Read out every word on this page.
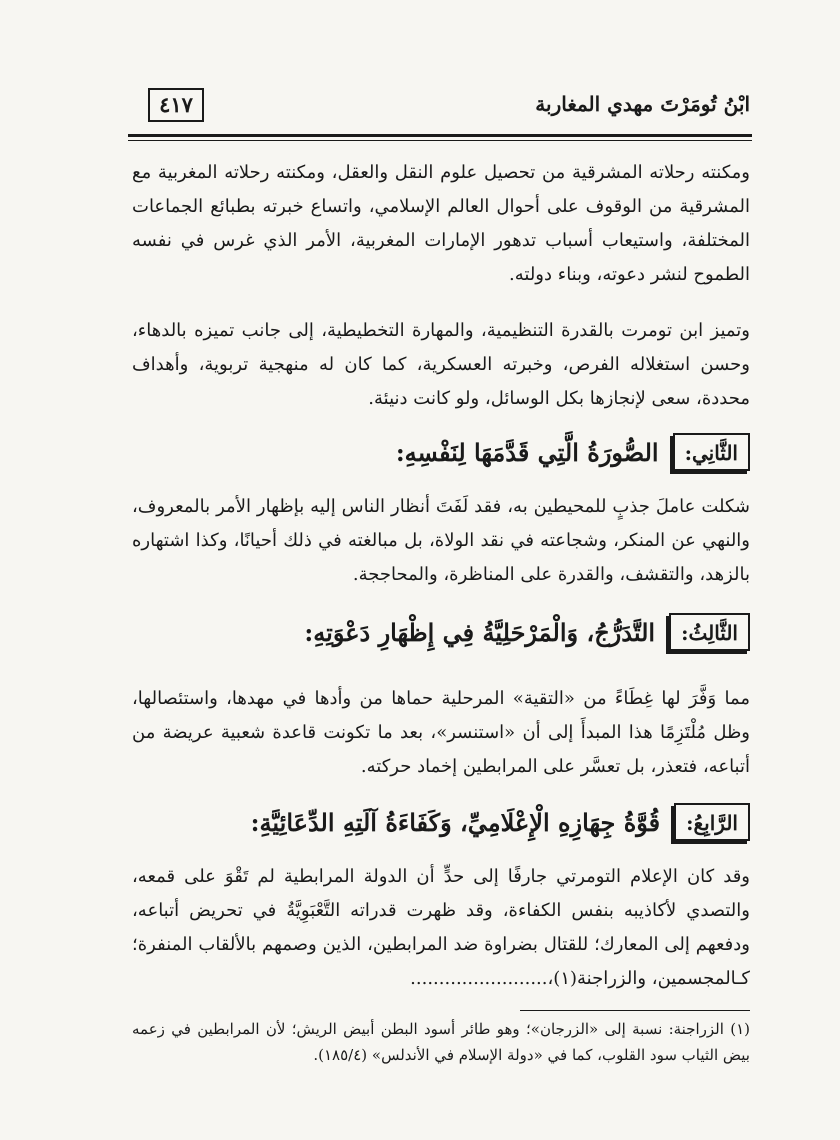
ابْنُ تُومَرْتَ مهدي المغاربة
٤١٧

ومكنته رحلاته المشرقية من تحصيل علوم النقل والعقل، ومكنته رحلاته المغربية مع المشرقية من الوقوف على أحوال العالم الإسلامي، واتساع خبرته بطبائع الجماعات المختلفة، واستيعاب أسباب تدهور الإمارات المغربية، الأمر الذي غرس في نفسه الطموح لنشر دعوته، وبناء دولته.

وتميز ابن تومرت بالقدرة التنظيمية، والمهارة التخطيطية، إلى جانب تميزه بالدهاء، وحسن استغلاله الفرص، وخبرته العسكرية، كما كان له منهجية تربوية، وأهداف محددة، سعى لإنجازها بكل الوسائل، ولو كانت دنيئة.

الثَّانِي:
الصُّورَةُ الَّتِي قَدَّمَهَا لِنَفْسِهِ:

شكلت عاملَ جذبٍ للمحيطين به، فقد لَفَتَ أنظار الناس إليه بإظهار الأمر بالمعروف، والنهي عن المنكر، وشجاعته في نقد الولاة، بل مبالغته في ذلك أحيانًا، وكذا اشتهاره بالزهد، والتقشف، والقدرة على المناظرة، والمحاججة.

الثَّالِثُ:
التَّدَرُّجُ، وَالْمَرْحَلِيَّةُ فِي إِظْهَارِ دَعْوَتِهِ:

مما وَفَّرَ لها غِطَاءً من «التقية» المرحلية حماها من وأدها في مهدها، واستئصالها، وظل مُلْتَزِمًا هذا المبدأَ إلى أن «استنسر»، بعد ما تكونت قاعدة شعبية عريضة من أتباعه، فتعذر، بل تعسَّر على المرابطين إخماد حركته.

الرَّابِعُ:
قُوَّةُ جِهَازِهِ الْإِعْلَامِيِّ، وَكَفَاءَةُ آلَتِهِ الدِّعَائِيَّةِ:

وقد كان الإعلام التومرتي جارفًا إلى حدٍّ أن الدولة المرابطية لم تَقْوَ على قمعه، والتصدي لأكاذيبه بنفس الكفاءة، وقد ظهرت قدراته التَّعْبَوِيَّةُ في تحريض أتباعه، ودفعهم إلى المعارك؛ للقتال بضراوة ضد المرابطين، الذين وصمهم بالألقاب المنفرة؛ كـالمجسمين، والزراجنة(١)،........................

(١) الزراجنة: نسبة إلى «الزرجان»؛ وهو طائر أسود البطن أبيض الريش؛ لأن المرابطين في زعمه بيض الثياب سود القلوب، كما في «دولة الإسلام في الأندلس» (١٨٥/٤).
